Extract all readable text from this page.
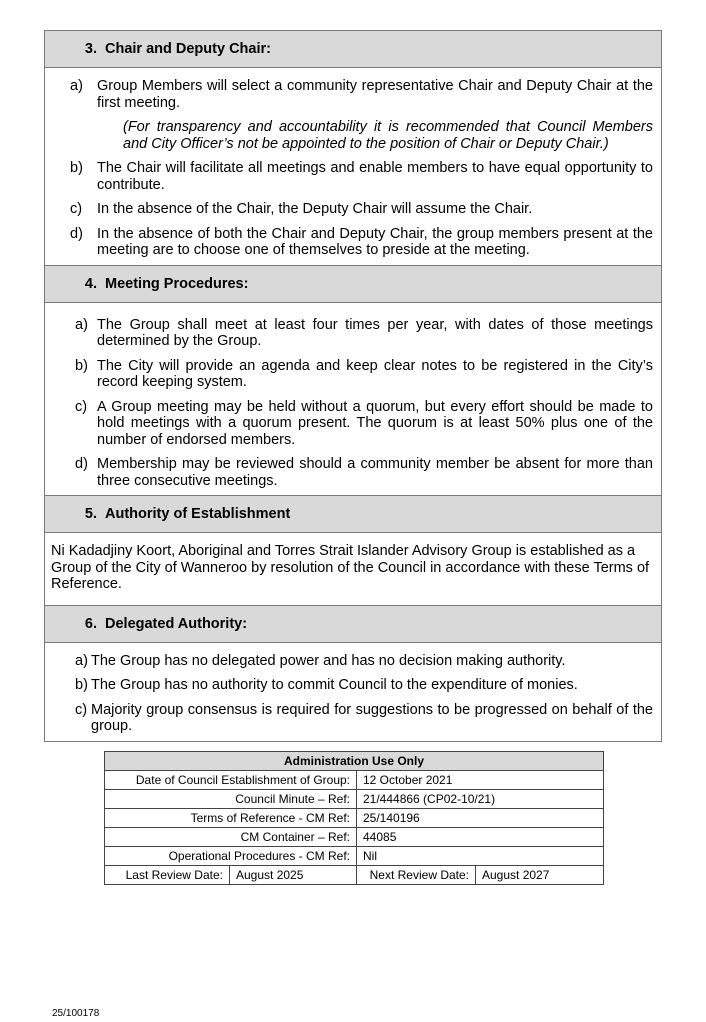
3. Chair and Deputy Chair:
a) Group Members will select a community representative Chair and Deputy Chair at the first meeting.
(For transparency and accountability it is recommended that Council Members and City Officer’s not be appointed to the position of Chair or Deputy Chair.)
b) The Chair will facilitate all meetings and enable members to have equal opportunity to contribute.
c)	In the absence of the Chair, the Deputy Chair will assume the Chair.
d) In the absence of both the Chair and Deputy Chair, the group members present at the meeting are to choose one of themselves to preside at the meeting.
4. Meeting Procedures:
a) The Group shall meet at least four times per year, with dates of those meetings determined by the Group.
b) The City will provide an agenda and keep clear notes to be registered in the City’s record keeping system.
c) A Group meeting may be held without a quorum, but every effort should be made to hold meetings with a quorum present. The quorum is at least 50% plus one of the number of endorsed members.
d) Membership may be reviewed should a community member be absent for more than three consecutive meetings.
5. Authority of Establishment
Ni Kadadjiny Koort, Aboriginal and Torres Strait Islander Advisory Group is established as a Group of the City of Wanneroo by resolution of the Council in accordance with these Terms of Reference.
6. Delegated Authority:
a) The Group has no delegated power and has no decision making authority.
b) The Group has no authority to commit Council to the expenditure of monies.
c) Majority group consensus is required for suggestions to be progressed on behalf of the group.
Administration Use Only			
Date of Council Establishment of Group:		12 October 2021	
Council Minute – Ref:		21/444866 (CP02-10/21)	
Terms of Reference - CM Ref:		25/140196	
CM Container – Ref:		44085	
Operational Procedures - CM Ref:		Nil	
Last Review Date:	August 2025	Next Review Date:	August 2027
25/100178
